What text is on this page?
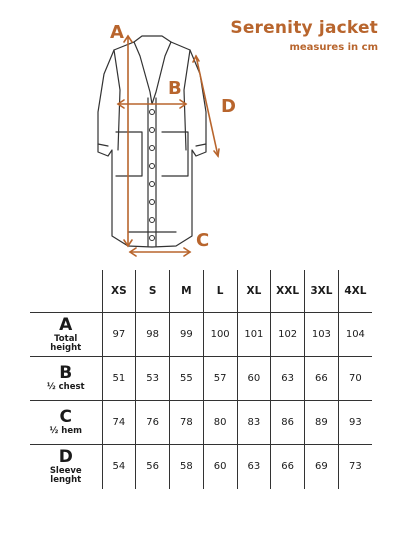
A
B
C
D
Serenity jacket
measures in cm
	XS	S	M	L	XL	XXL	3XL	4XL

A
Total
height	97	98	99	100	101	102	103	104

B
½ chest	51	53	55	57	60	63	66	70

C
½ hem	74	76	78	80	83	86	89	93

D
Sleeve
lenght	54	56	58	60	63	66	69	73
